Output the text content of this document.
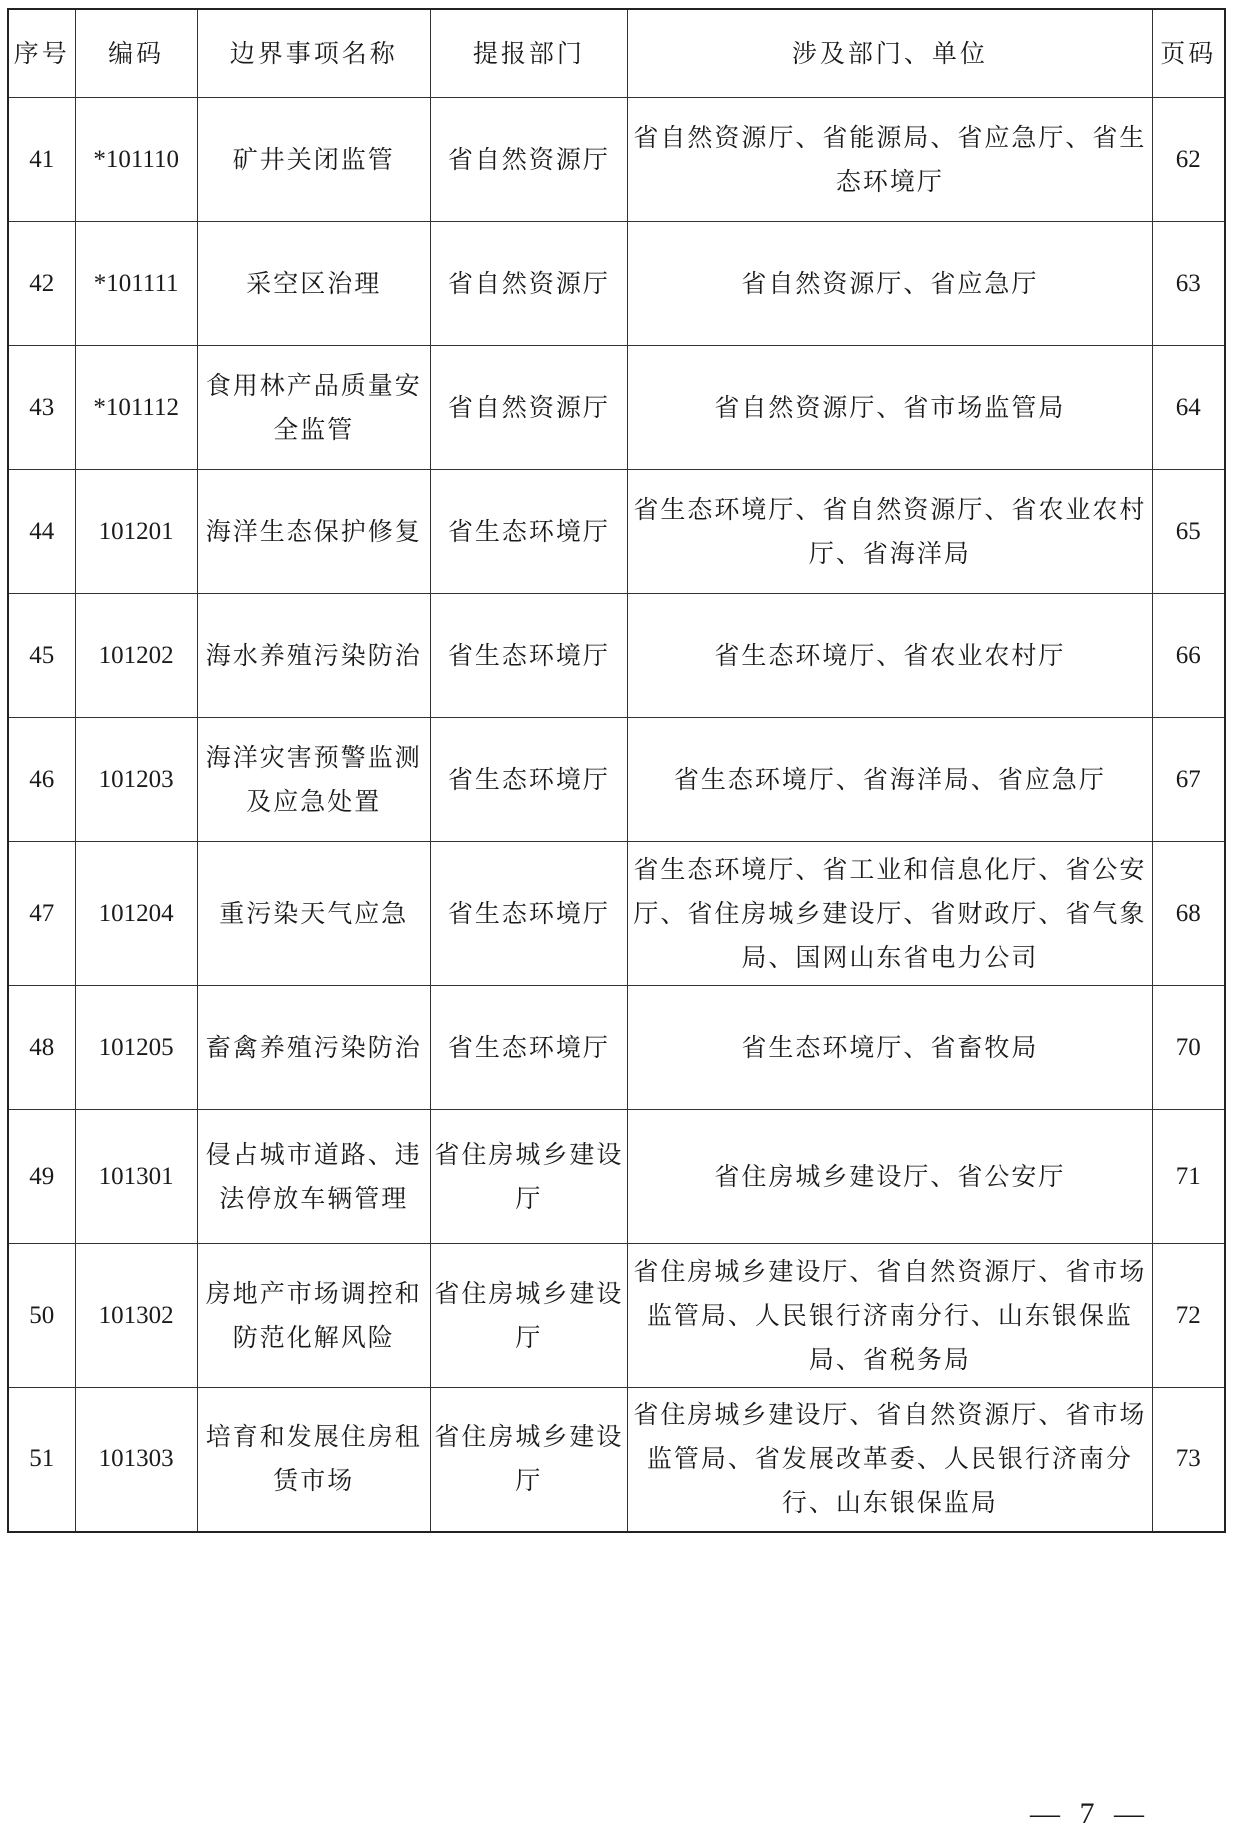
序号	编码	边界事项名称	提报部门	涉及部门、单位	页码
41	*101110	矿井关闭监管	省自然资源厅	省自然资源厅、省能源局、省应急厅、省生态环境厅	62
42	*101111	采空区治理	省自然资源厅	省自然资源厅、省应急厅	63
43	*101112	食用林产品质量安全监管	省自然资源厅	省自然资源厅、省市场监管局	64
44	101201	海洋生态保护修复	省生态环境厅	省生态环境厅、省自然资源厅、省农业农村厅、省海洋局	65
45	101202	海水养殖污染防治	省生态环境厅	省生态环境厅、省农业农村厅	66
46	101203	海洋灾害预警监测及应急处置	省生态环境厅	省生态环境厅、省海洋局、省应急厅	67
47	101204	重污染天气应急	省生态环境厅	省生态环境厅、省工业和信息化厅、省公安厅、省住房城乡建设厅、省财政厅、省气象局、国网山东省电力公司	68
48	101205	畜禽养殖污染防治	省生态环境厅	省生态环境厅、省畜牧局	70
49	101301	侵占城市道路、违法停放车辆管理	省住房城乡建设厅	省住房城乡建设厅、省公安厅	71
50	101302	房地产市场调控和防范化解风险	省住房城乡建设厅	省住房城乡建设厅、省自然资源厅、省市场监管局、人民银行济南分行、山东银保监局、省税务局	72
51	101303	培育和发展住房租赁市场	省住房城乡建设厅	省住房城乡建设厅、省自然资源厅、省市场监管局、省发展改革委、人民银行济南分行、山东银保监局	73
— 7 —
